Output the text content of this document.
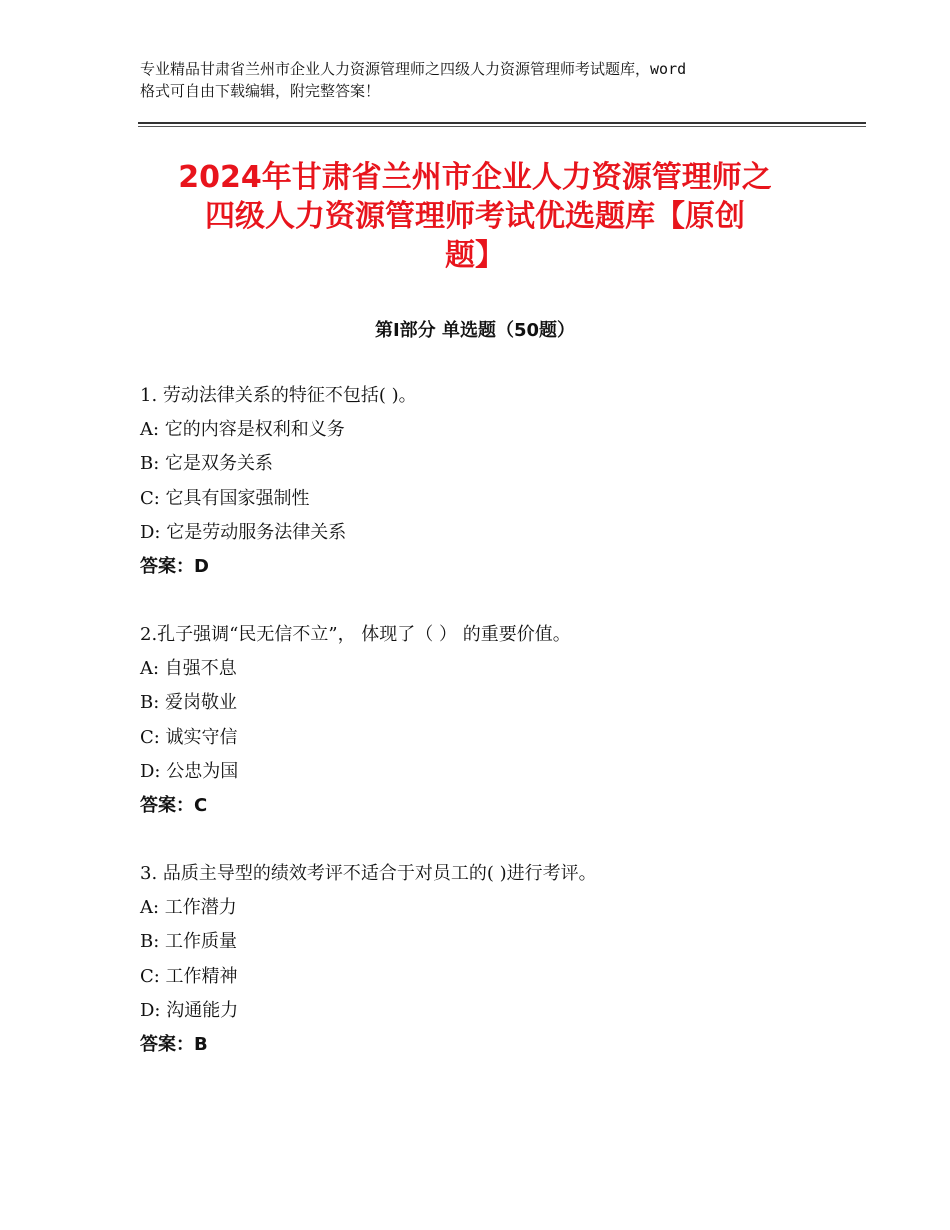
专业精品甘肃省兰州市企业人力资源管理师之四级人力资源管理师考试题库，word
格式可自由下载编辑，附完整答案！
2024年甘肃省兰州市企业人力资源管理师之
四级人力资源管理师考试优选题库【原创
题】
第Ⅰ部分 单选题（50题）
1. 劳动法律关系的特征不包括( )。
A: 它的内容是权利和义务
B: 它是双务关系
C: 它具有国家强制性
D: 它是劳动服务法律关系
答案：D
2.孔子强调“民无信不立”， 体现了（ ） 的重要价值。
A: 自强不息
B: 爱岗敬业
C: 诚实守信
D: 公忠为国
答案：C
3. 品质主导型的绩效考评不适合于对员工的( )进行考评。
A: 工作潜力
B: 工作质量
C: 工作精神
D: 沟通能力
答案：B
